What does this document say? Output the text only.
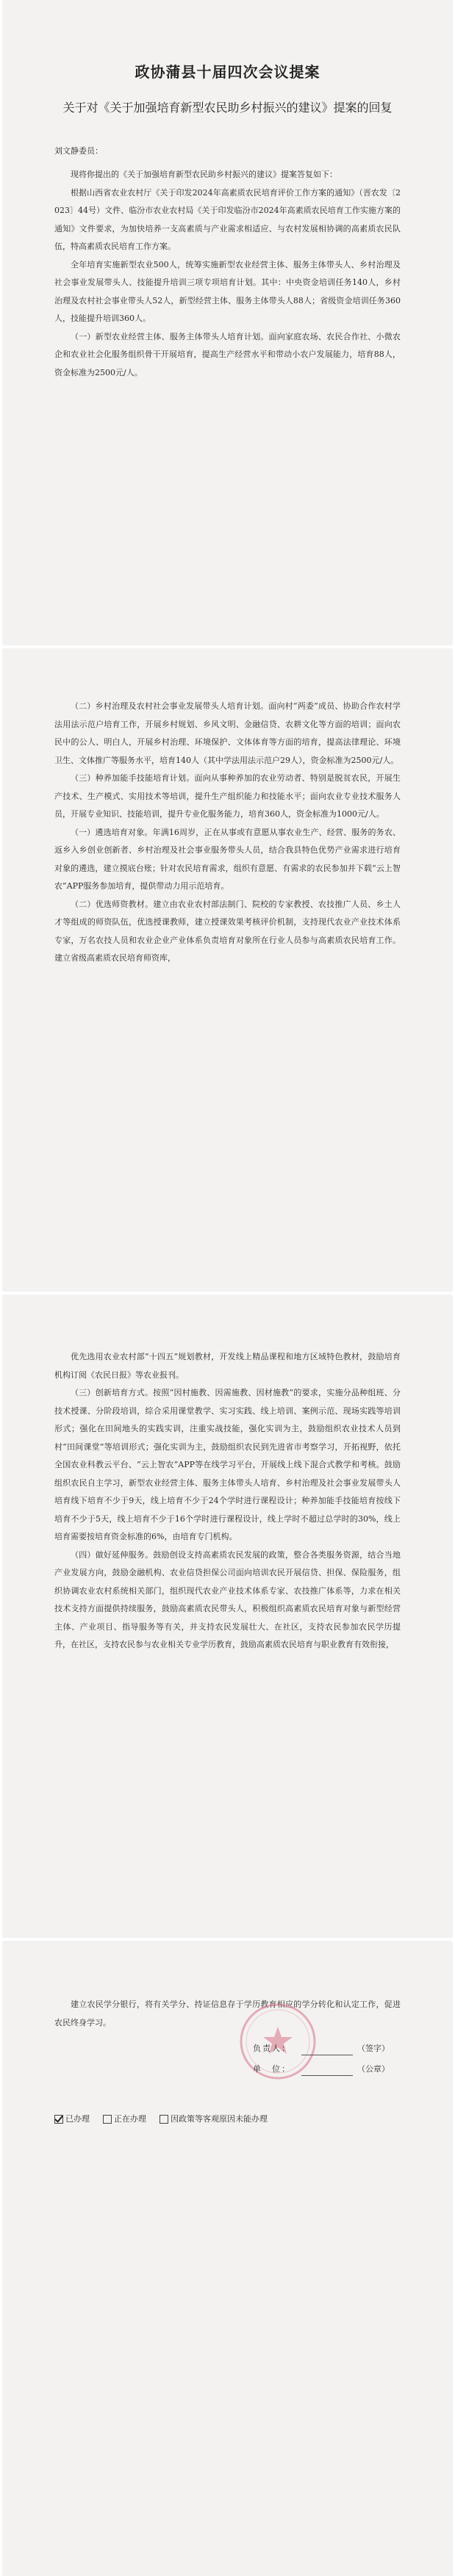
政协蒲县十届四次会议提案
关于对《关于加强培育新型农民助乡村振兴的建议》提案的回复
刘文静委员：

现将你提出的《关于加强培育新型农民助乡村振兴的建议》提案答复如下：

根据山西省农业农村厅《关于印发2024年高素质农民培育评价工作方案的通知》（晋农发〔2023〕44号）文件、临汾市农业农村局《关于印发临汾市2024年高素质农民培育工作实施方案的通知》文件要求，为加快培养一支高素质与产业需求相适应、与农村发展相协调的高素质农民队伍，特高素质农民培育工作方案。

全年培育实施新型农业500人，统筹实施新型农业经营主体、服务主体带头人、乡村治理及社会事业发展带头人、技能提升培训三项专项培育计划。其中：中央资金培训任务140人，乡村治理及农村社会事业带头人52人，新型经营主体、服务主体带头人88人；省级资金培训任务360人，技能提升培训360人。

（一）新型农业经营主体、服务主体带头人培育计划。面向家庭农场、农民合作社、小微农企和农业社会化服务组织骨干开展培育，提高生产经营水平和带动小农户发展能力，培育88人，资金标准为2500元/人。

（二）乡村治理及农村社会事业发展带头人培育计划。面向村“两委”成员、协助合作农村学法用法示范户培育工作，开展乡村规划、乡风文明、金融信贷、农耕文化等方面的培训；面向农民中的公人、明白人，开展乡村治理、环境保护、文体体育等方面的培育，提高法律理论、环境卫生、文体推广等服务水平，培育140人（其中学法用法示范户29人），资金标准为2500元/人。

（三）种养加能手技能培育计划。面向从事种养加的农业劳动者、特别是脱贫农民，开展生产技术、生产模式、实用技术等培训，提升生产组织能力和技能水平；面向农业专业技术服务人员，开展专业知识、技能培训，提升专业化服务能力，培育360人，资金标准为1000元/人。

（一）遴选培育对象。年满16周岁，正在从事或有意愿从事农业生产、经营、服务的务农、返乡入乡创业创新者、乡村治理及社会事业服务带头人员，结合我县特色优势产业需求进行培育对象的遴选，建立摸底台账；针对农民培育需求，组织有意愿、有需求的农民参加并下载“云上智农”APP服务参加培育，提供带动力用示范培育。

（二）优选师资教材。建立由农业农村部法制门、院校的专家教授、农技推广人员、乡土人才等组成的师资队伍，优选授课教师，建立授课效果考核评价机制，支持现代农业产业技术体系专家，万名农技人员和农业企业产业体系负责培育对象所在行业人员参与高素质农民培育工作。建立省级高素质农民培育师资库，

优先选用农业农村部“十四五”规划教材，开发线上精品课程和地方区域特色教材，鼓励培育机构订阅《农民日报》等农业报刊。

（三）创新培育方式。按照“因村施教、因需施教、因材施教”的要求，实施分品种组班、分技术授课、分阶段培训，综合采用课堂教学、实习实践、线上培训、案例示范、现场实践等培训形式；强化在田间地头的实践实训，注重实战技能，强化实训为主，鼓励组织农业技术人员到村“田间课堂”等培训形式；强化实训为主，鼓励组织农民到先进省市考察学习，开拓视野，依托全国农业科教云平台、“云上智农”APP等在线学习平台，开展线上线下混合式教学和考核。鼓励组织农民自主学习，新型农业经营主体、服务主体带头人培育、乡村治理及社会事业发展带头人培育线下培育不少于9天，线上培育不少于24个学时进行课程设计；种养加能手技能培育按线下培育不少于5天，线上培育不少于16个学时进行课程设计，线上学时不超过总学时的30%，线上培育需要按培育资金标准的6%，由培育专门机构。

（四）做好延伸服务。鼓励创设支持高素质农民发展的政策，整合各类服务资源，结合当地产业发展方向，鼓励金融机构、农业信贷担保公司面向培训农民开展信贷、担保、保险服务，组织协调农业农村系统相关部门，组织现代农业产业技术体系专家、农技推广体系等，力求在相关技术支持方面提供持续服务，鼓励高素质农民带头人，积极组织高素质农民培育对象与新型经营主体、产业项目、指导服务等有关，并支持农民发展壮大、在社区，支持农民参加农民学历提升，在社区，支持农民参与农业相关专业学历教育，鼓励高素质农民培育与职业教育有效衔接，

建立农民学分银行，将有关学分、持证信息存于学历教育相应的学分转化和认定工作，促进农民终身学习。

负责人：	（签字）
单　位：	（公章）
已办理	正在办理	因政策等客观原因未能办理
